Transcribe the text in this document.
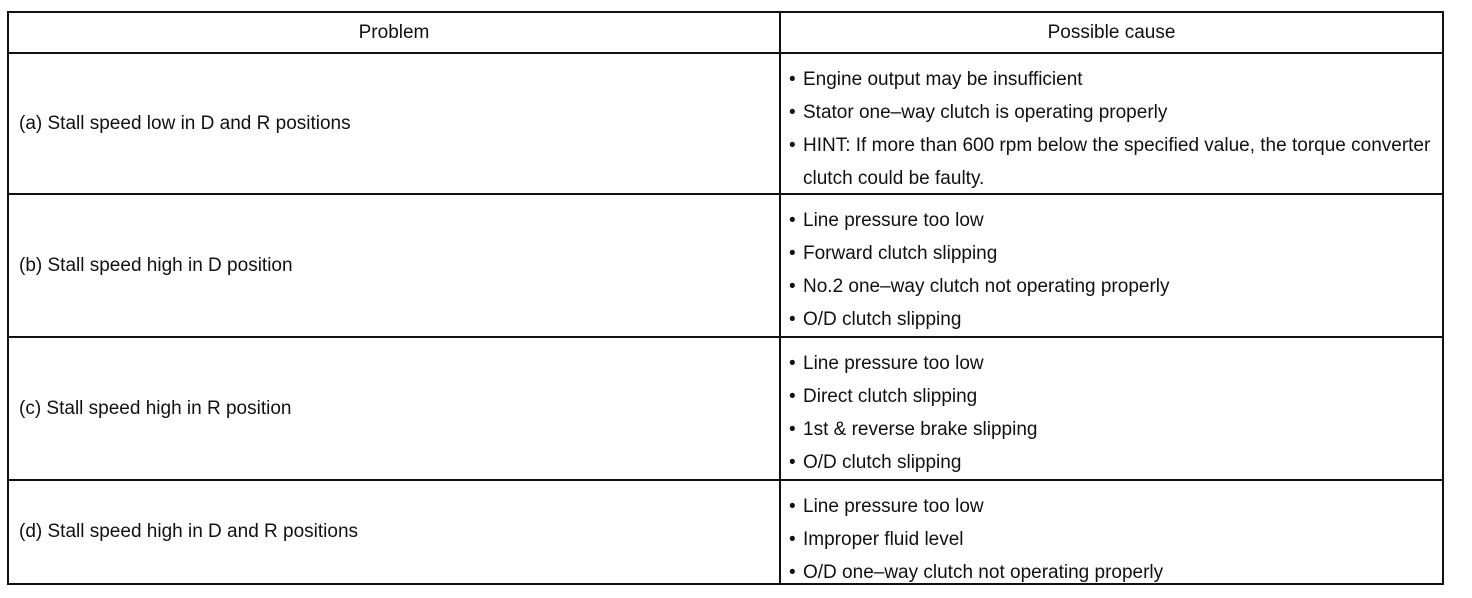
Problem	Possible cause
(a) Stall speed low in D and R positions
• Engine output may be insufficient
• Stator one–way clutch is operating properly
• HINT: If more than 600 rpm below the specified value, the torque converter clutch could be faulty.
(b) Stall speed high in D position
• Line pressure too low
• Forward clutch slipping
• No.2 one–way clutch not operating properly
• O/D clutch slipping
(c) Stall speed high in R position
• Line pressure too low
• Direct clutch slipping
• 1st & reverse brake slipping
• O/D clutch slipping
(d) Stall speed high in D and R positions
• Line pressure too low
• Improper fluid level
• O/D one–way clutch not operating properly
